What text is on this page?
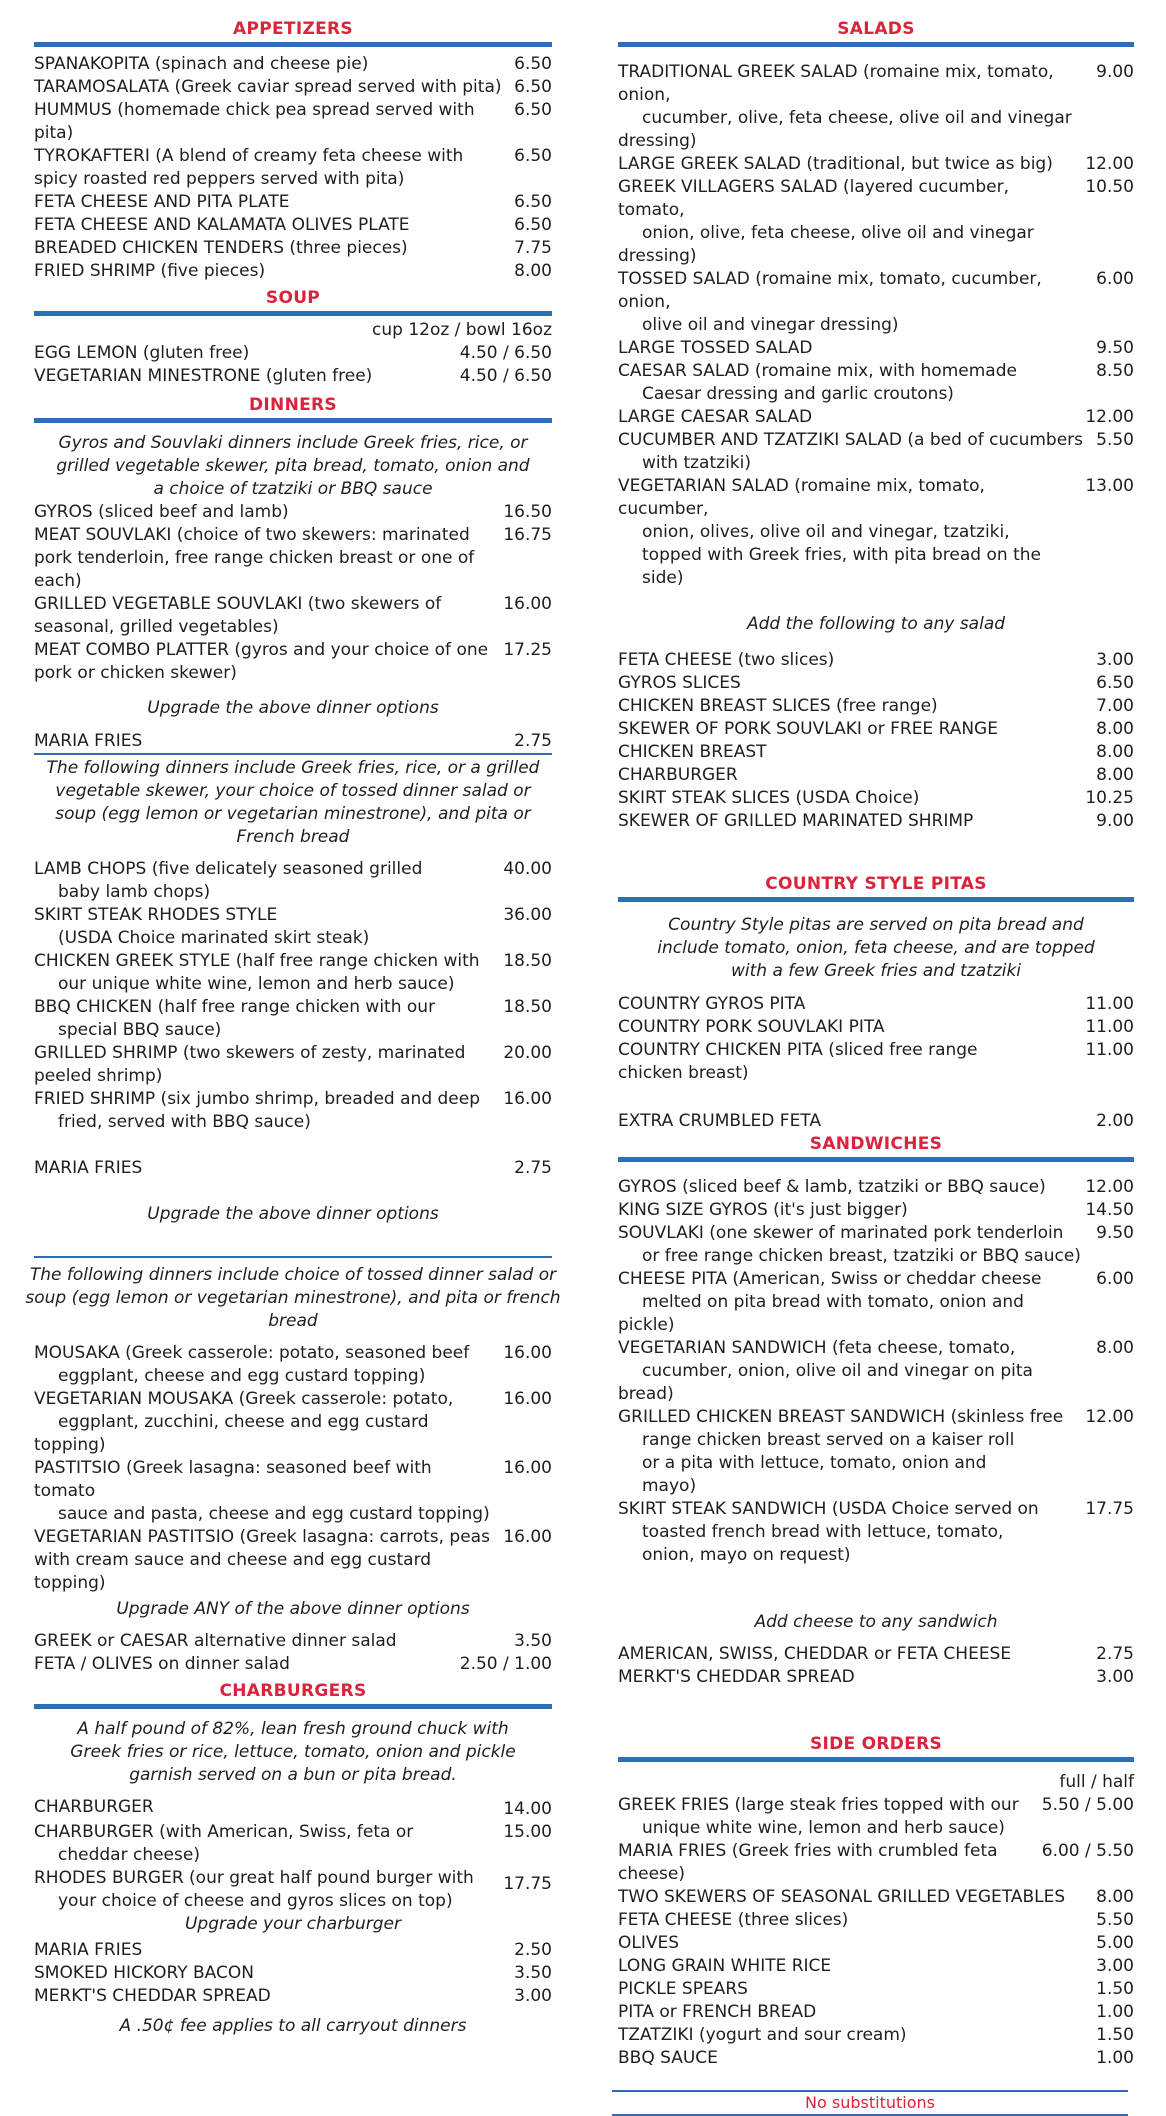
APPETIZERS
SPANAKOPITA (spinach and cheese pie)	6.50
TARAMOSALATA (Greek caviar spread served with pita) 6.50
HUMMUS (homemade chick pea spread served with pita)
6.50
TYROKAFTERI (A blend of creamy feta cheese with spicy roasted red peppers served with pita)
6.50
FETA CHEESE AND PITA PLATE	6.50
FETA CHEESE AND KALAMATA OLIVES PLATE	6.50
BREADED CHICKEN TENDERS (three pieces)	7.75
FRIED SHRIMP (five pieces)	8.00
SOUP
cup 12oz / bowl 16oz
EGG LEMON (gluten free)	4.50 / 6.50
VEGETARIAN MINESTRONE (gluten free)	4.50 / 6.50
DINNERS
Gyros and Souvlaki dinners include Greek fries, rice, or grilled vegetable skewer, pita bread, tomato, onion and a choice of tzatziki or BBQ sauce
GYROS (sliced beef and lamb)	16.50
MEAT SOUVLAKI (choice of two skewers: marinated pork tenderloin, free range chicken breast or one of each)
16.75
GRILLED VEGETABLE SOUVLAKI (two skewers of seasonal, grilled vegetables)
16.00
MEAT COMBO PLATTER (gyros and your choice of one pork or chicken skewer)
17.25
Upgrade the above dinner options
MARIA FRIES	2.75
The following dinners include Greek fries, rice, or a grilled vegetable skewer, your choice of tossed dinner salad or soup (egg lemon or vegetarian minestrone), and pita or French bread
LAMB CHOPS (five delicately seasoned grilled
baby lamb chops)
40.00
SKIRT STEAK RHODES STYLE
(USDA Choice marinated skirt steak)
36.00
CHICKEN GREEK STYLE (half free range chicken with
our unique white wine, lemon and herb sauce)
18.50
BBQ CHICKEN (half free range chicken with our
special BBQ sauce)
18.50
GRILLED SHRIMP (two skewers of zesty, marinated peeled shrimp)
20.00
FRIED SHRIMP (six jumbo shrimp, breaded and deep
fried, served with BBQ sauce)
16.00
MARIA FRIES	2.75
Upgrade the above dinner options
The following dinners include choice of tossed dinner salad or soup (egg lemon or vegetarian minestrone), and pita or french bread
MOUSAKA (Greek casserole: potato, seasoned beef
eggplant, cheese and egg custard topping)
16.00
VEGETARIAN MOUSAKA (Greek casserole: potato,
eggplant, zucchini, cheese and egg custard topping)
16.00
PASTITSIO (Greek lasagna: seasoned beef with tomato
sauce and pasta, cheese and egg custard topping)
16.00
VEGETARIAN PASTITSIO (Greek lasagna: carrots, peas with cream sauce and cheese and egg custard topping)
16.00
Upgrade ANY of the above dinner options
GREEK or CAESAR alternative dinner salad	3.50
FETA / OLIVES on dinner salad	2.50 / 1.00
CHARBURGERS
A half pound of 82%, lean fresh ground chuck with Greek fries or rice, lettuce, tomato, onion and pickle garnish served on a bun or pita bread.
CHARBURGER	14.00
CHARBURGER (with American, Swiss, feta or
cheddar cheese)
15.00
RHODES BURGER (our great half pound burger with
your choice of cheese and gyros slices on top)
17.75
Upgrade your charburger
MARIA FRIES	2.50
SMOKED HICKORY BACON	3.50
MERKT'S CHEDDAR SPREAD	3.00
A .50¢ fee applies to all carryout dinners
SALADS
TRADITIONAL GREEK SALAD (romaine mix, tomato, onion,
cucumber, olive, feta cheese, olive oil and vinegar dressing)
9.00
LARGE GREEK SALAD (traditional, but twice as big)	12.00
GREEK VILLAGERS SALAD (layered cucumber, tomato,
onion, olive, feta cheese, olive oil and vinegar dressing)
10.50
TOSSED SALAD (romaine mix, tomato, cucumber, onion,
olive oil and vinegar dressing)
6.00
LARGE TOSSED SALAD	9.50
CAESAR SALAD (romaine mix, with homemade
Caesar dressing and garlic croutons)
8.50
LARGE CAESAR SALAD	12.00
CUCUMBER AND TZATZIKI SALAD (a bed of cucumbers
with tzatziki)
5.50
VEGETARIAN SALAD (romaine mix, tomato, cucumber,

onion, olives, olive oil and vinegar, tzatziki, topped with Greek fries, with pita bread on the side)
13.00
Add the following to any salad
FETA CHEESE (two slices)	3.00
GYROS SLICES	6.50
CHICKEN BREAST SLICES (free range)	7.00
SKEWER OF PORK SOUVLAKI or FREE RANGE	8.00
CHICKEN BREAST	8.00
CHARBURGER	8.00
SKIRT STEAK SLICES (USDA Choice)	10.25
SKEWER OF GRILLED MARINATED SHRIMP	9.00
COUNTRY STYLE PITAS
Country Style pitas are served on pita bread and include tomato, onion, feta cheese, and are topped with a few Greek fries and tzatziki
COUNTRY GYROS PITA	11.00
COUNTRY PORK SOUVLAKI PITA	11.00
COUNTRY CHICKEN PITA (sliced free range chicken breast)
11.00
EXTRA CRUMBLED FETA	2.00
SANDWICHES
GYROS (sliced beef & lamb, tzatziki or BBQ sauce)	12.00
KING SIZE GYROS (it's just bigger)	14.50
SOUVLAKI (one skewer of marinated pork tenderloin
or free range chicken breast, tzatziki or BBQ sauce)
9.50
CHEESE PITA (American, Swiss or cheddar cheese
melted on pita bread with tomato, onion and pickle)
6.00
VEGETARIAN SANDWICH (feta cheese, tomato,
cucumber, onion, olive oil and vinegar on pita bread)
8.00
GRILLED CHICKEN BREAST SANDWICH (skinless free

range chicken breast served on a kaiser roll or a pita with lettuce, tomato, onion and mayo)
12.00
SKIRT STEAK SANDWICH (USDA Choice served on

toasted french bread with lettuce, tomato, onion, mayo on request)
17.75
Add cheese to any sandwich
AMERICAN, SWISS, CHEDDAR or FETA CHEESE	2.75
MERKT'S CHEDDAR SPREAD	3.00
SIDE ORDERS
full / half
GREEK FRIES (large steak fries topped with our
unique white wine, lemon and herb sauce)
5.50 / 5.00
MARIA FRIES (Greek fries with crumbled feta cheese)
6.00 / 5.50
TWO SKEWERS OF SEASONAL GRILLED VEGETABLES	8.00
FETA CHEESE (three slices)	5.50
OLIVES	5.00
LONG GRAIN WHITE RICE	3.00
PICKLE SPEARS	1.50
PITA or FRENCH BREAD	1.00
TZATZIKI (yogurt and sour cream)	1.50
BBQ SAUCE	1.00
No substitutions
